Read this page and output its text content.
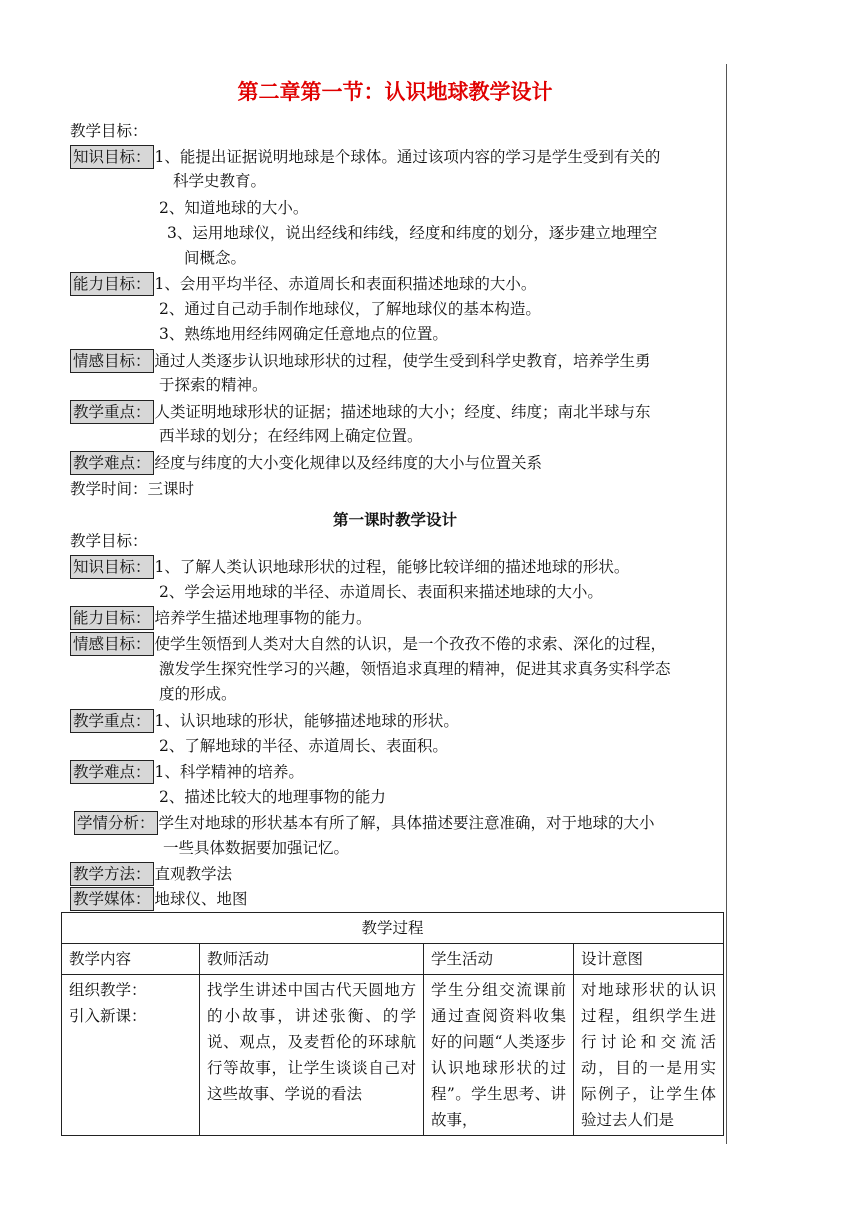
第二章第一节：认识地球教学设计
教学目标：
知识目标： 1、能提出证据说明地球是个球体。通过该项内容的学习是学生受到有关的
科学史教育。
2、知道地球的大小。
3、运用地球仪，说出经线和纬线，经度和纬度的划分，逐步建立地理空
间概念。
能力目标： 1、会用平均半径、赤道周长和表面积描述地球的大小。
2、通过自己动手制作地球仪，了解地球仪的基本构造。
3、熟练地用经纬网确定任意地点的位置。
情感目标： 通过人类逐步认识地球形状的过程，使学生受到科学史教育，培养学生勇
于探索的精神。
教学重点： 人类证明地球形状的证据；描述地球的大小；经度、纬度；南北半球与东
西半球的划分；在经纬网上确定位置。
教学难点： 经度与纬度的大小变化规律以及经纬度的大小与位置关系
教学时间：三课时
第一课时教学设计
教学目标：
知识目标： 1、了解人类认识地球形状的过程，能够比较详细的描述地球的形状。
2、学会运用地球的半径、赤道周长、表面积来描述地球的大小。
能力目标： 培养学生描述地理事物的能力。
情感目标： 使学生领悟到人类对大自然的认识，是一个孜孜不倦的求索、深化的过程，
激发学生探究性学习的兴趣，领悟追求真理的精神，促进其求真务实科学态
度的形成。
教学重点： 1、认识地球的形状，能够描述地球的形状。
2、了解地球的半径、赤道周长、表面积。
教学难点： 1、科学精神的培养。
2、描述比较大的地理事物的能力
学情分析： 学生对地球的形状基本有所了解，具体描述要注意准确，对于地球的大小
一些具体数据要加强记忆。
教学方法： 直观教学法
教学媒体： 地球仪、地图
教学过程			
教学内容	教师活动	学生活动	设计意图
组织教学：
引入新课：	找学生讲述中国古代天圆地方的小故事，讲述张衡、的学说、观点，及麦哲伦的环球航行等故事，让学生谈谈自己对这些故事、学说的看法	学生分组交流课前通过查阅资料收集好的问题“人类逐步认识地球形状的过程”。学生思考、讲故事，	对地球形状的认识过程，组织学生进行讨论和交流活动，目的一是用实际例子，让学生体验过去人们是
